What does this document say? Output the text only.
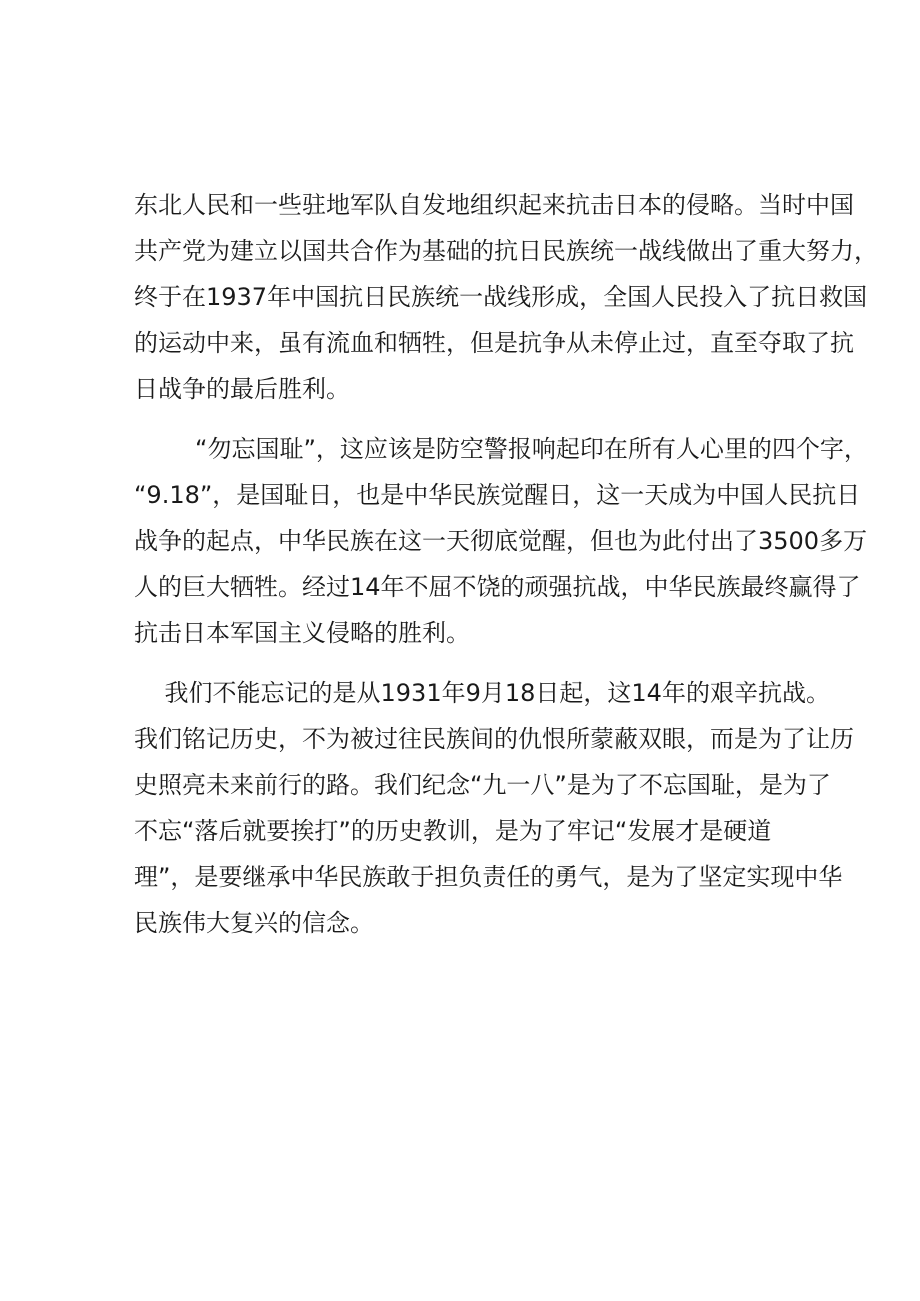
东北人民和一些驻地军队自发地组织起来抗击日本的侵略。当时中国
共产党为建立以国共合作为基础的抗日民族统一战线做出了重大努力，
终于在1937年中国抗日民族统一战线形成，全国人民投入了抗日救国
的运动中来，虽有流血和牺牲，但是抗争从未停止过，直至夺取了抗
日战争的最后胜利。

“勿忘国耻”，这应该是防空警报响起印在所有人心里的四个字，
“9.18”，是国耻日，也是中华民族觉醒日，这一天成为中国人民抗日
战争的起点，中华民族在这一天彻底觉醒，但也为此付出了3500多万
人的巨大牺牲。经过14年不屈不饶的顽强抗战，中华民族最终赢得了
抗击日本军国主义侵略的胜利。

我们不能忘记的是从1931年9月18日起，这14年的艰辛抗战。
我们铭记历史，不为被过往民族间的仇恨所蒙蔽双眼，而是为了让历
史照亮未来前行的路。我们纪念“九一八”是为了不忘国耻，是为了
不忘“落后就要挨打”的历史教训，是为了牢记“发展才是硬道
理”，是要继承中华民族敢于担负责任的勇气，是为了坚定实现中华
民族伟大复兴的信念。
